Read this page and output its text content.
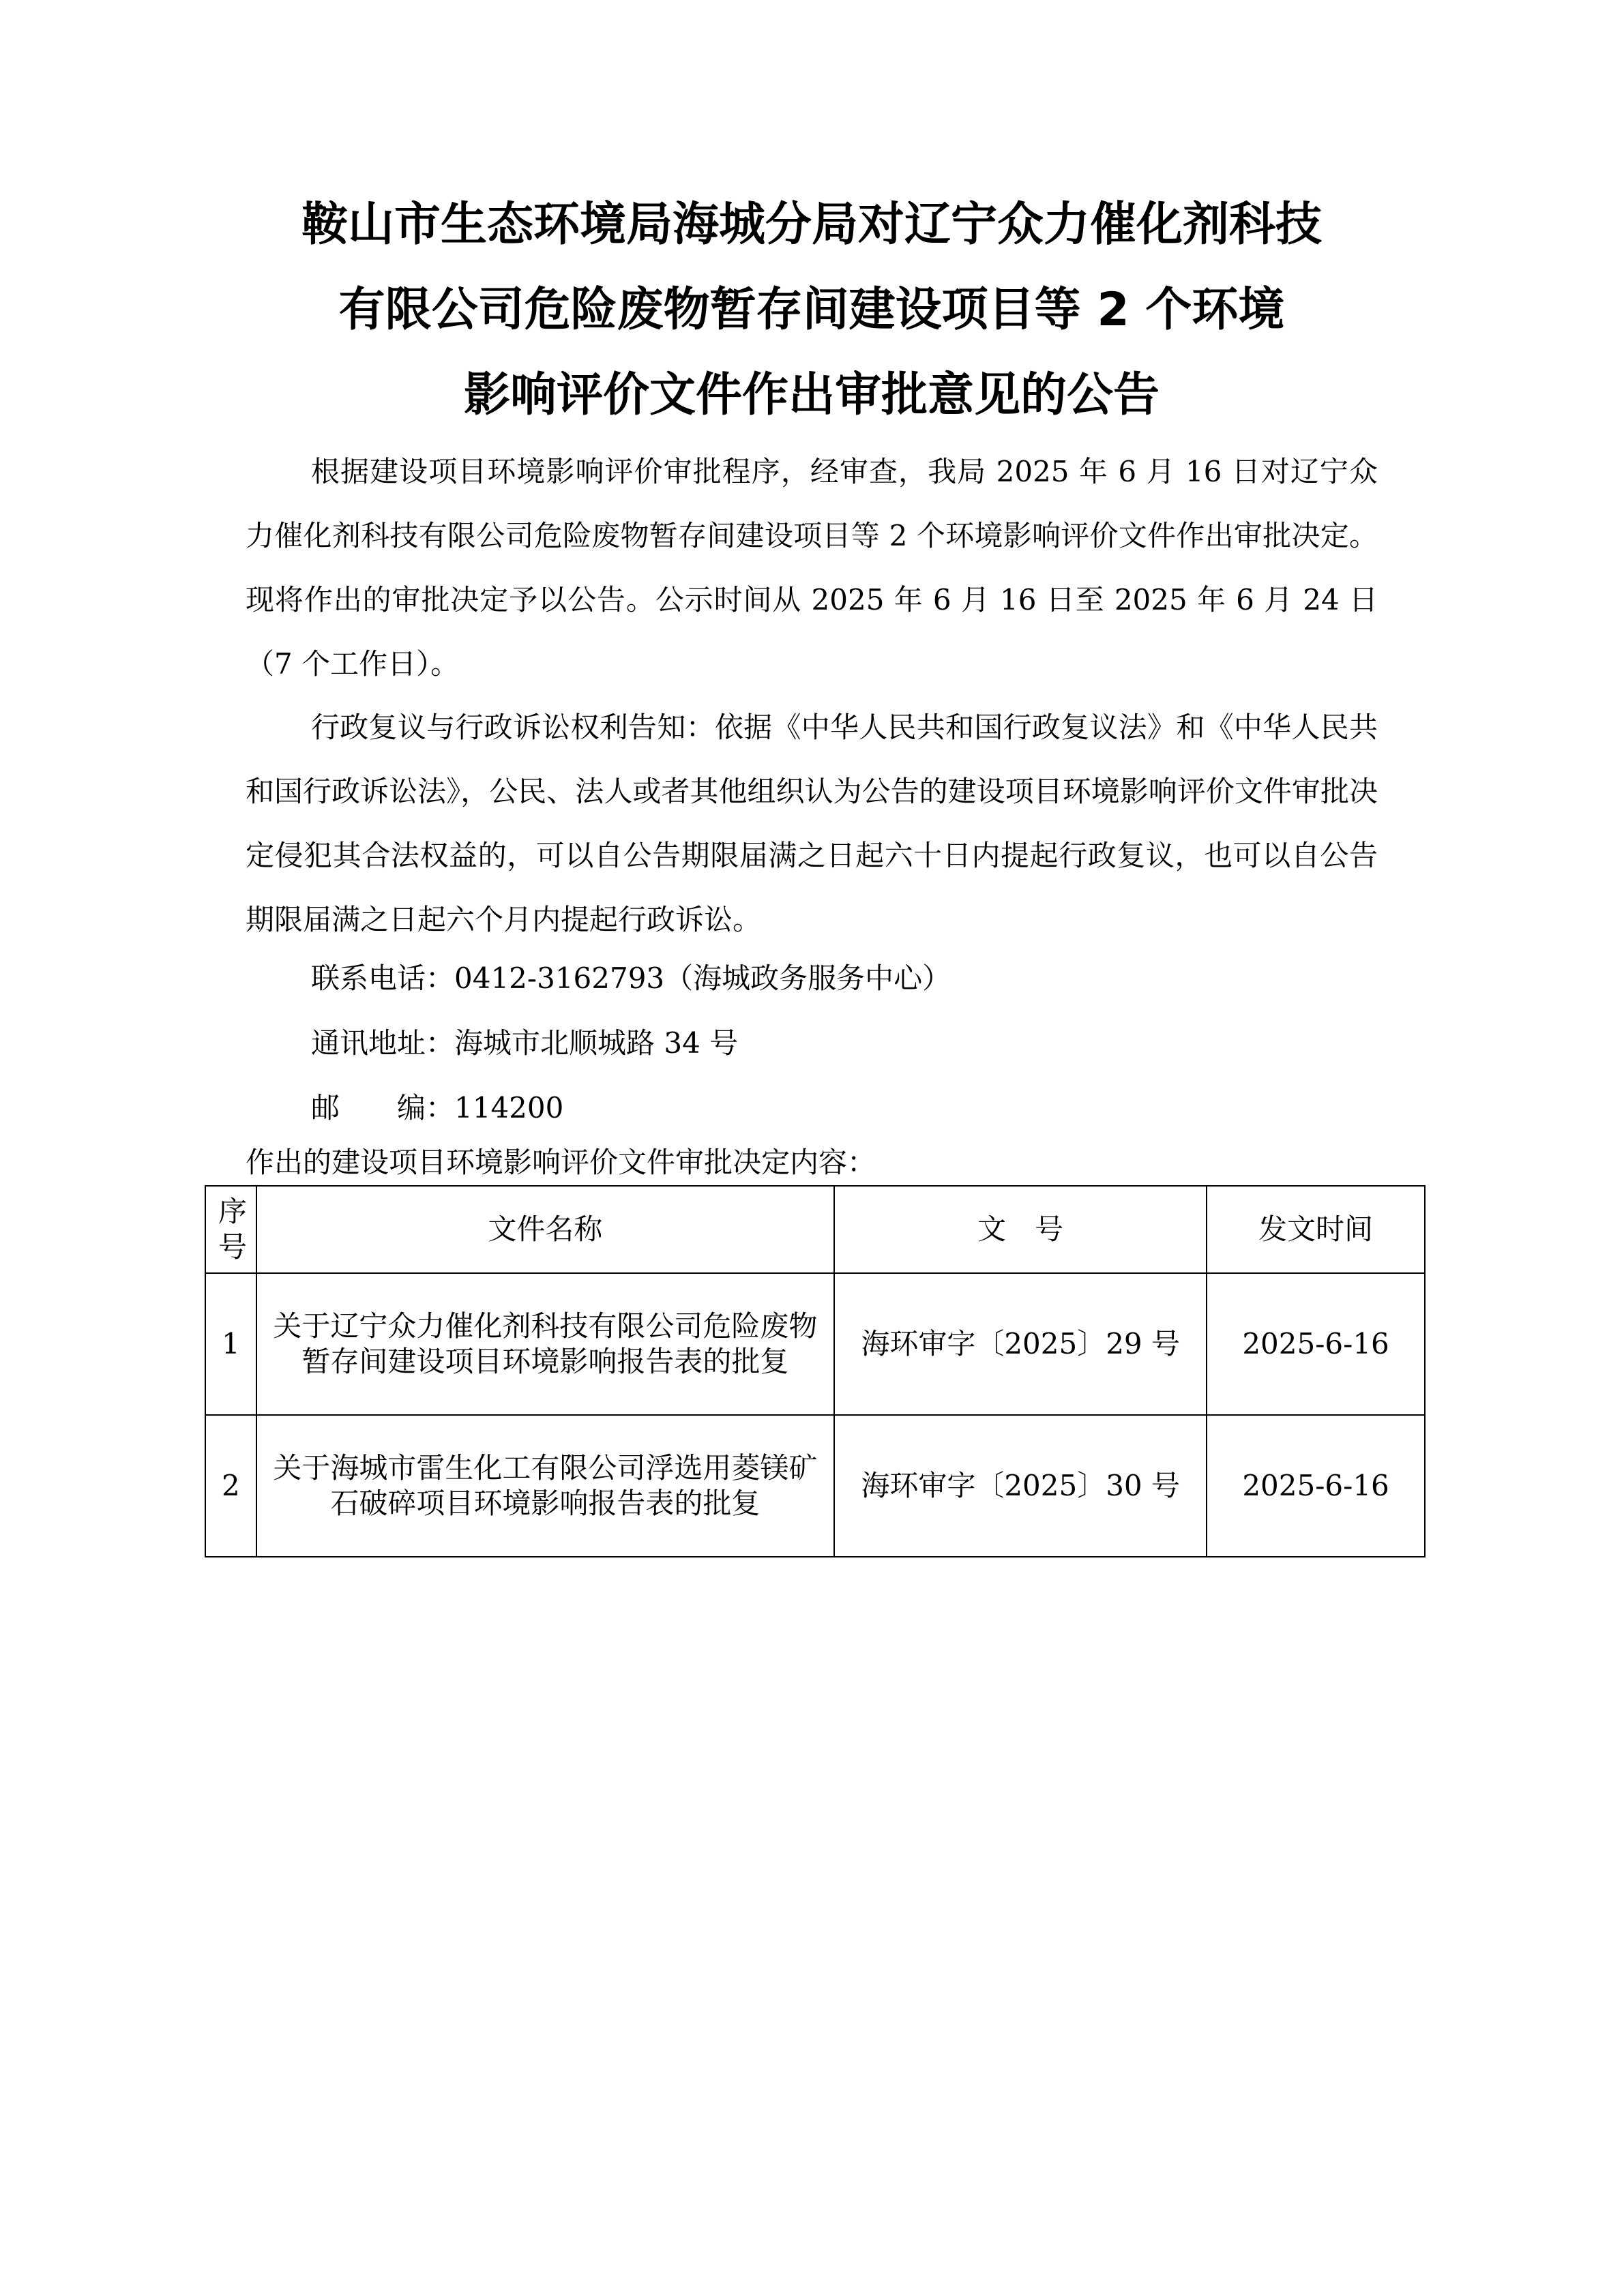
鞍山市生态环境局海城分局对辽宁众力催化剂科技
有限公司危险废物暂存间建设项目等 2 个环境
影响评价文件作出审批意见的公告
根据建设项目环境影响评价审批程序，经审查，我局 2025 年 6 月 16 日对辽宁众力催化剂科技有限公司危险废物暂存间建设项目等 2 个环境影响评价文件作出审批决定。现将作出的审批决定予以公告。公示时间从 2025 年 6 月 16 日至 2025 年 6 月 24 日（7 个工作日）。
行政复议与行政诉讼权利告知：依据《中华人民共和国行政复议法》和《中华人民共和国行政诉讼法》，公民、法人或者其他组织认为公告的建设项目环境影响评价文件审批决定侵犯其合法权益的，可以自公告期限届满之日起六十日内提起行政复议，也可以自公告期限届满之日起六个月内提起行政诉讼。
联系电话：0412-3162793（海城政务服务中心）
通讯地址：海城市北顺城路 34 号
邮　　编：114200
作出的建设项目环境影响评价文件审批决定内容：
序
号	文件名称	文　号	发文时间
1	关于辽宁众力催化剂科技有限公司危险废物暂存间建设项目环境影响报告表的批复	海环审字〔2025〕29 号	2025-6-16
2	关于海城市雷生化工有限公司浮选用菱镁矿石破碎项目环境影响报告表的批复	海环审字〔2025〕30 号	2025-6-16
